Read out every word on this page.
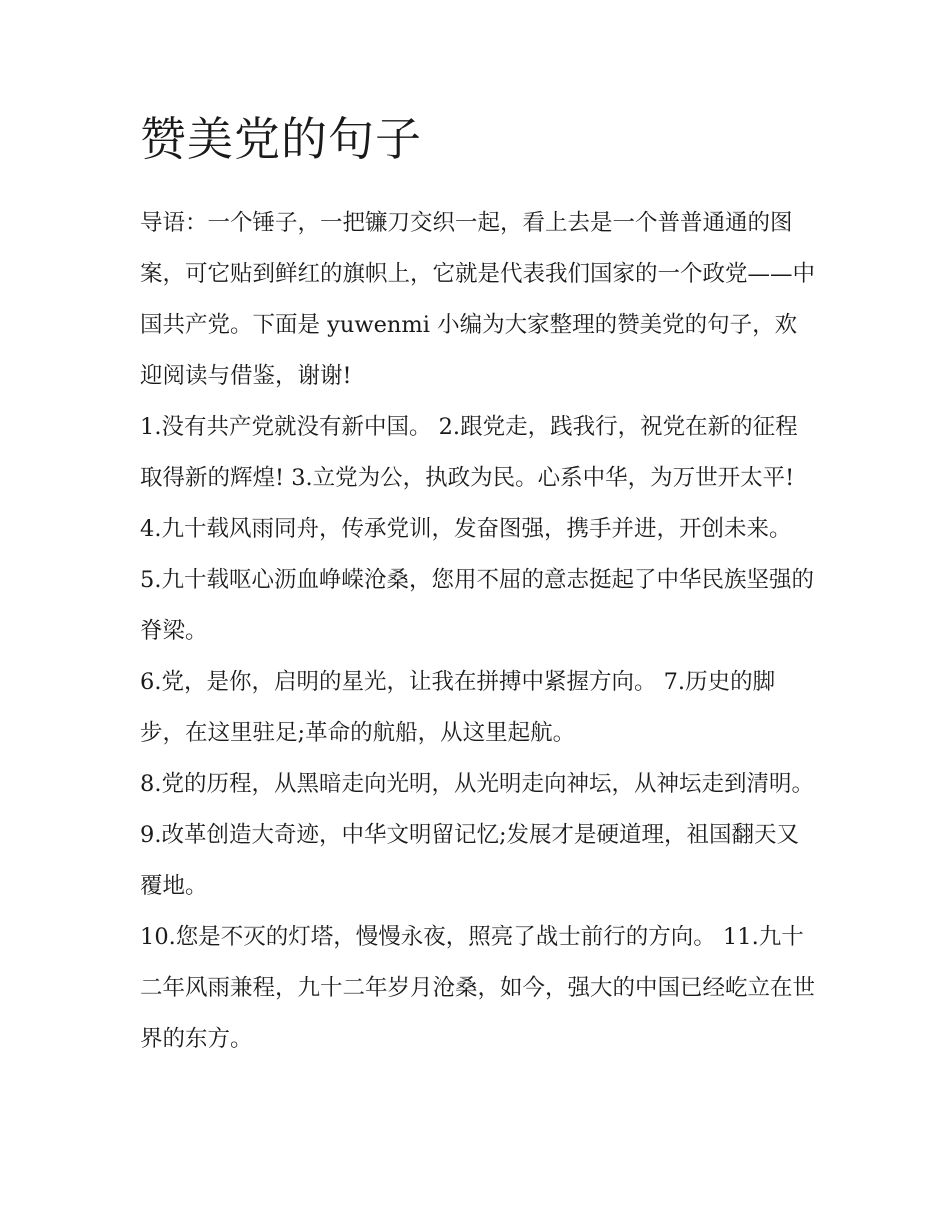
赞美党的句子

导语：一个锤子，一把镰刀交织一起，看上去是一个普普通通的图案，可它贴到鲜红的旗帜上，它就是代表我们国家的一个政党——中国共产党。下面是 yuwenmi 小编为大家整理的赞美党的句子，欢迎阅读与借鉴，谢谢!

1.没有共产党就没有新中国。 2.跟党走，践我行，祝党在新的征程取得新的辉煌! 3.立党为公，执政为民。心系中华，为万世开太平!

4.九十载风雨同舟，传承党训，发奋图强，携手并进，开创未来。 5.九十载呕心沥血峥嵘沧桑，您用不屈的意志挺起了中华民族坚强的脊梁。

6.党，是你，启明的星光，让我在拼搏中紧握方向。 7.历史的脚步，在这里驻足;革命的航船，从这里起航。

8.党的历程，从黑暗走向光明，从光明走向神坛，从神坛走到清明。 9.改革创造大奇迹，中华文明留记忆;发展才是硬道理，祖国翻天又覆地。

10.您是不灭的灯塔，慢慢永夜，照亮了战士前行的方向。 11.九十二年风雨兼程，九十二年岁月沧桑，如今，强大的中国已经屹立在世界的东方。
